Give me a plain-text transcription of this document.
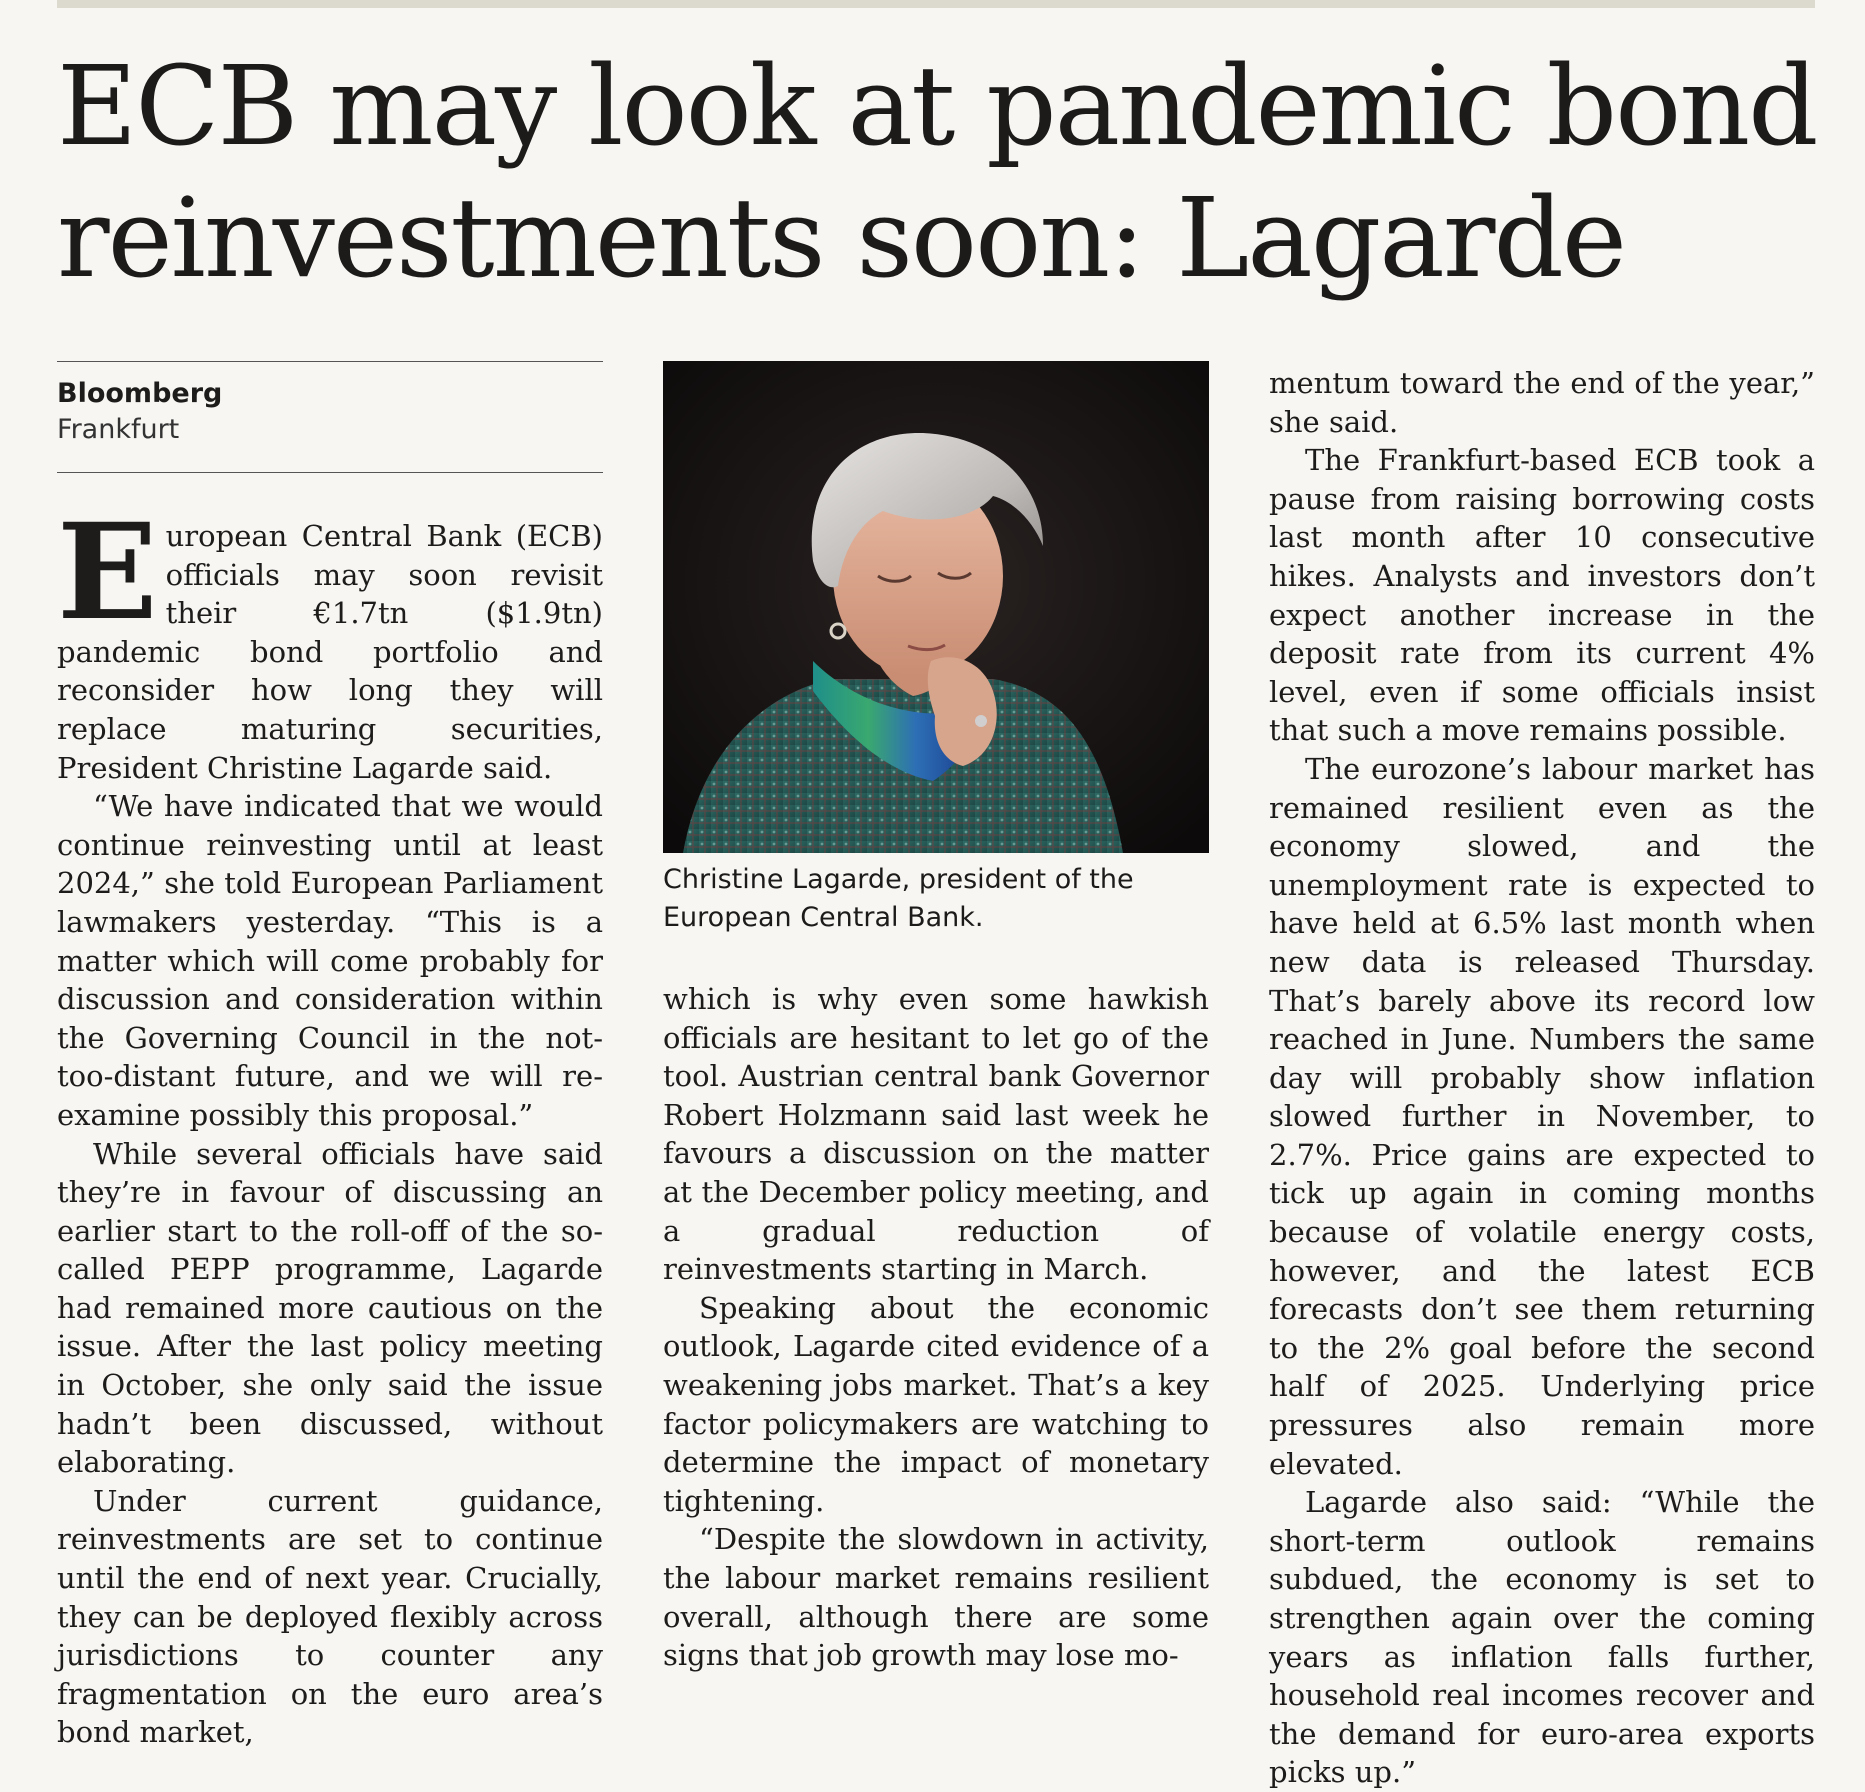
ECB may look at pandemic bond reinvestments soon: Lagarde
Bloomberg
Frankfurt

European Central Bank (ECB) officials may soon revisit their €1.7tn ($1.9tn) pandemic bond portfolio and reconsider how long they will replace maturing securities, President Christine Lagarde said.

“We have indicated that we would continue reinvesting until at least 2024,” she told European Parliament lawmakers yesterday. “This is a matter which will come probably for discussion and consideration within the Governing Council in the not-too-distant future, and we will re-examine possibly this proposal.”

While several officials have said they’re in favour of discussing an earlier start to the roll-off of the so-called PEPP programme, Lagarde had remained more cautious on the issue. After the last policy meeting in October, she only said the issue hadn’t been discussed, without elaborating.

Under current guidance, reinvestments are set to continue until the end of next year. Crucially, they can be deployed flexibly across jurisdictions to counter any fragmentation on the euro area’s bond market,

Christine Lagarde, president of the European Central Bank.

which is why even some hawkish officials are hesitant to let go of the tool. Austrian central bank Governor Robert Holzmann said last week he favours a discussion on the matter at the December policy meeting, and a gradual reduction of reinvestments starting in March.

Speaking about the economic outlook, Lagarde cited evidence of a weakening jobs market. That’s a key factor policymakers are watching to determine the impact of monetary tightening.

“Despite the slowdown in activity, the labour market remains resilient overall, although there are some signs that job growth may lose mo-

mentum toward the end of the year,” she said.

The Frankfurt-based ECB took a pause from raising borrowing costs last month after 10 consecutive hikes. Analysts and investors don’t expect another increase in the deposit rate from its current 4% level, even if some officials insist that such a move remains possible.

The eurozone’s labour market has remained resilient even as the economy slowed, and the unemployment rate is expected to have held at 6.5% last month when new data is released Thursday. That’s barely above its record low reached in June. Numbers the same day will probably show inflation slowed further in November, to 2.7%. Price gains are expected to tick up again in coming months because of volatile energy costs, however, and the latest ECB forecasts don’t see them returning to the 2% goal before the second half of 2025. Underlying price pressures also remain more elevated.

Lagarde also said: “While the short-term outlook remains subdued, the economy is set to strengthen again over the coming years as inflation falls further, household real incomes recover and the demand for euro-area exports picks up.”
